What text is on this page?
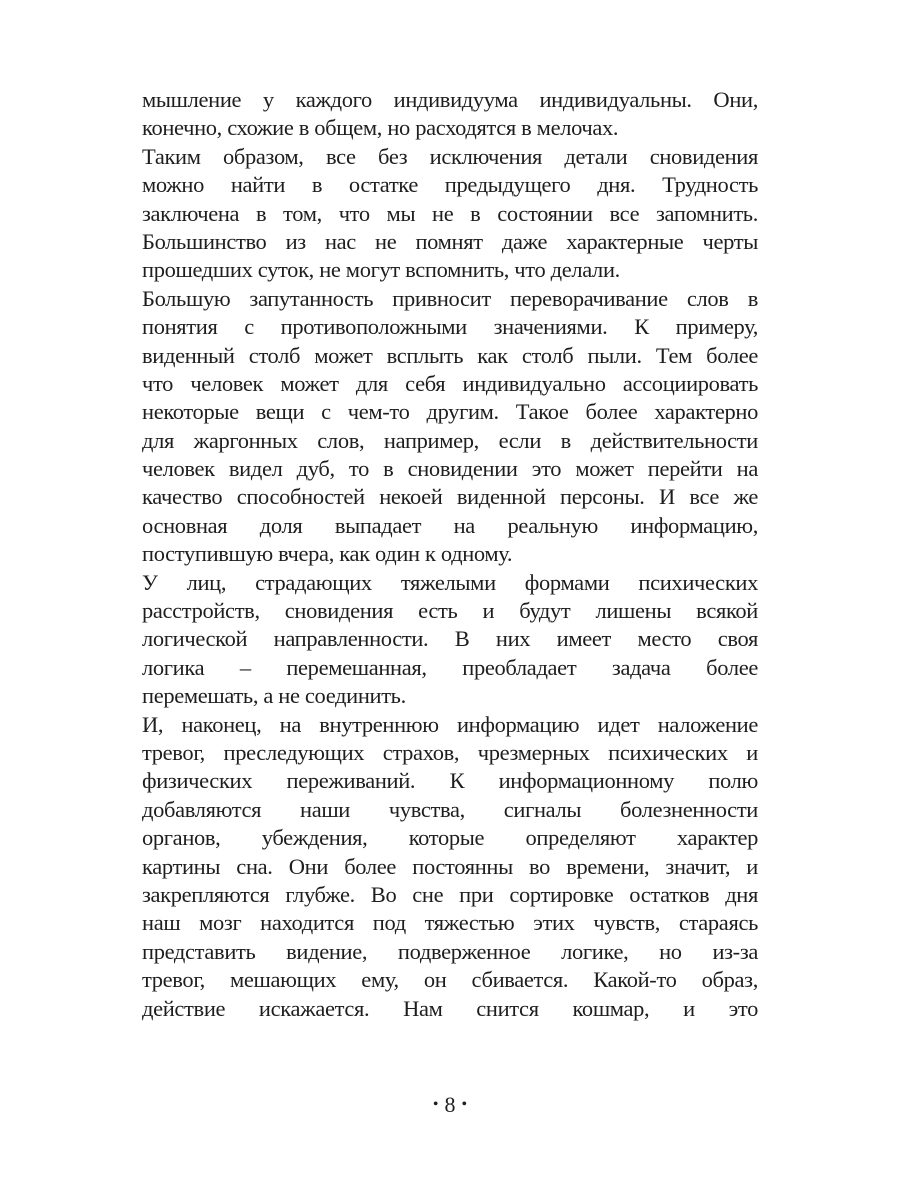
мышление у каждого индивидуума индивидуальны. Они,
конечно, схожие в общем, но расходятся в мелочах.
Таким образом, все без исключения детали сновидения
можно найти в остатке предыдущего дня. Трудность
заключена в том, что мы не в состоянии все запомнить.
Большинство из нас не помнят даже характерные черты
прошедших суток, не могут вспомнить, что делали.
Большую запутанность привносит переворачивание слов в
понятия с противоположными значениями. К примеру,
виденный столб может всплыть как столб пыли. Тем более
что человек может для себя индивидуально ассоциировать
некоторые вещи с чем-то другим. Такое более характерно
для жаргонных слов, например, если в действительности
человек видел дуб, то в сновидении это может перейти на
качество способностей некоей виденной персоны. И все же
основная доля выпадает на реальную информацию,
поступившую вчера, как один к одному.
У лиц, страдающих тяжелыми формами психических
расстройств, сновидения есть и будут лишены всякой
логической направленности. В них имеет место своя
логика – перемешанная, преобладает задача более
перемешать, а не соединить.
И, наконец, на внутреннюю информацию идет наложение
тревог, преследующих страхов, чрезмерных психических и
физических переживаний. К информационному полю
добавляются наши чувства, сигналы болезненности
органов, убеждения, которые определяют характер
картины сна. Они более постоянны во времени, значит, и
закрепляются глубже. Во сне при сортировке остатков дня
наш мозг находится под тяжестью этих чувств, стараясь
представить видение, подверженное логике, но из-за
тревог, мешающих ему, он сбивается. Какой-то образ,
действие искажается. Нам снится кошмар, и это
• 8 •
